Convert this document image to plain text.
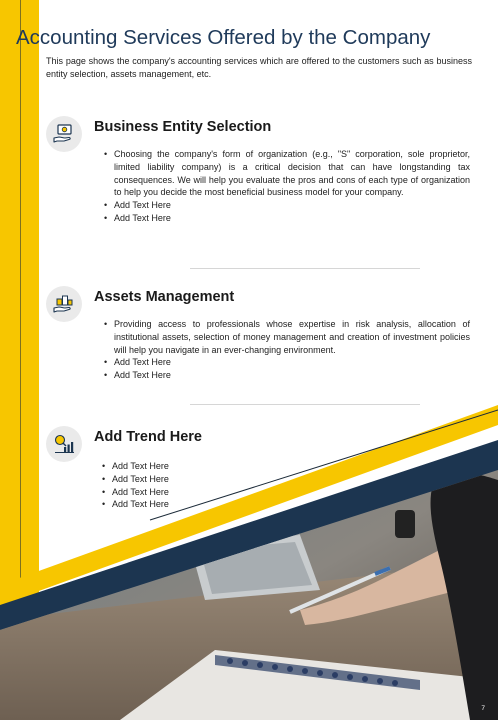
Accounting Services Offered by the Company

This page shows the company's accounting services which are offered to the customers such as business entity selection, assets management, etc.

Business Entity Selection
• Choosing the company's form of organization (e.g., "S" corporation, sole proprietor, limited liability company) is a critical decision that can have longstanding tax consequences. We will help you evaluate the pros and cons of each type of organization to help you decide the most beneficial business model for your company.
• Add Text Here
• Add Text Here
Assets Management
• Providing access to professionals whose expertise in risk analysis, allocation of institutional assets, selection of money management and creation of investment policies will help you navigate in an ever-changing environment.
• Add Text Here
• Add Text Here
Add Trend Here
• Add Text Here
• Add Text Here
• Add Text Here
• Add Text Here
7
